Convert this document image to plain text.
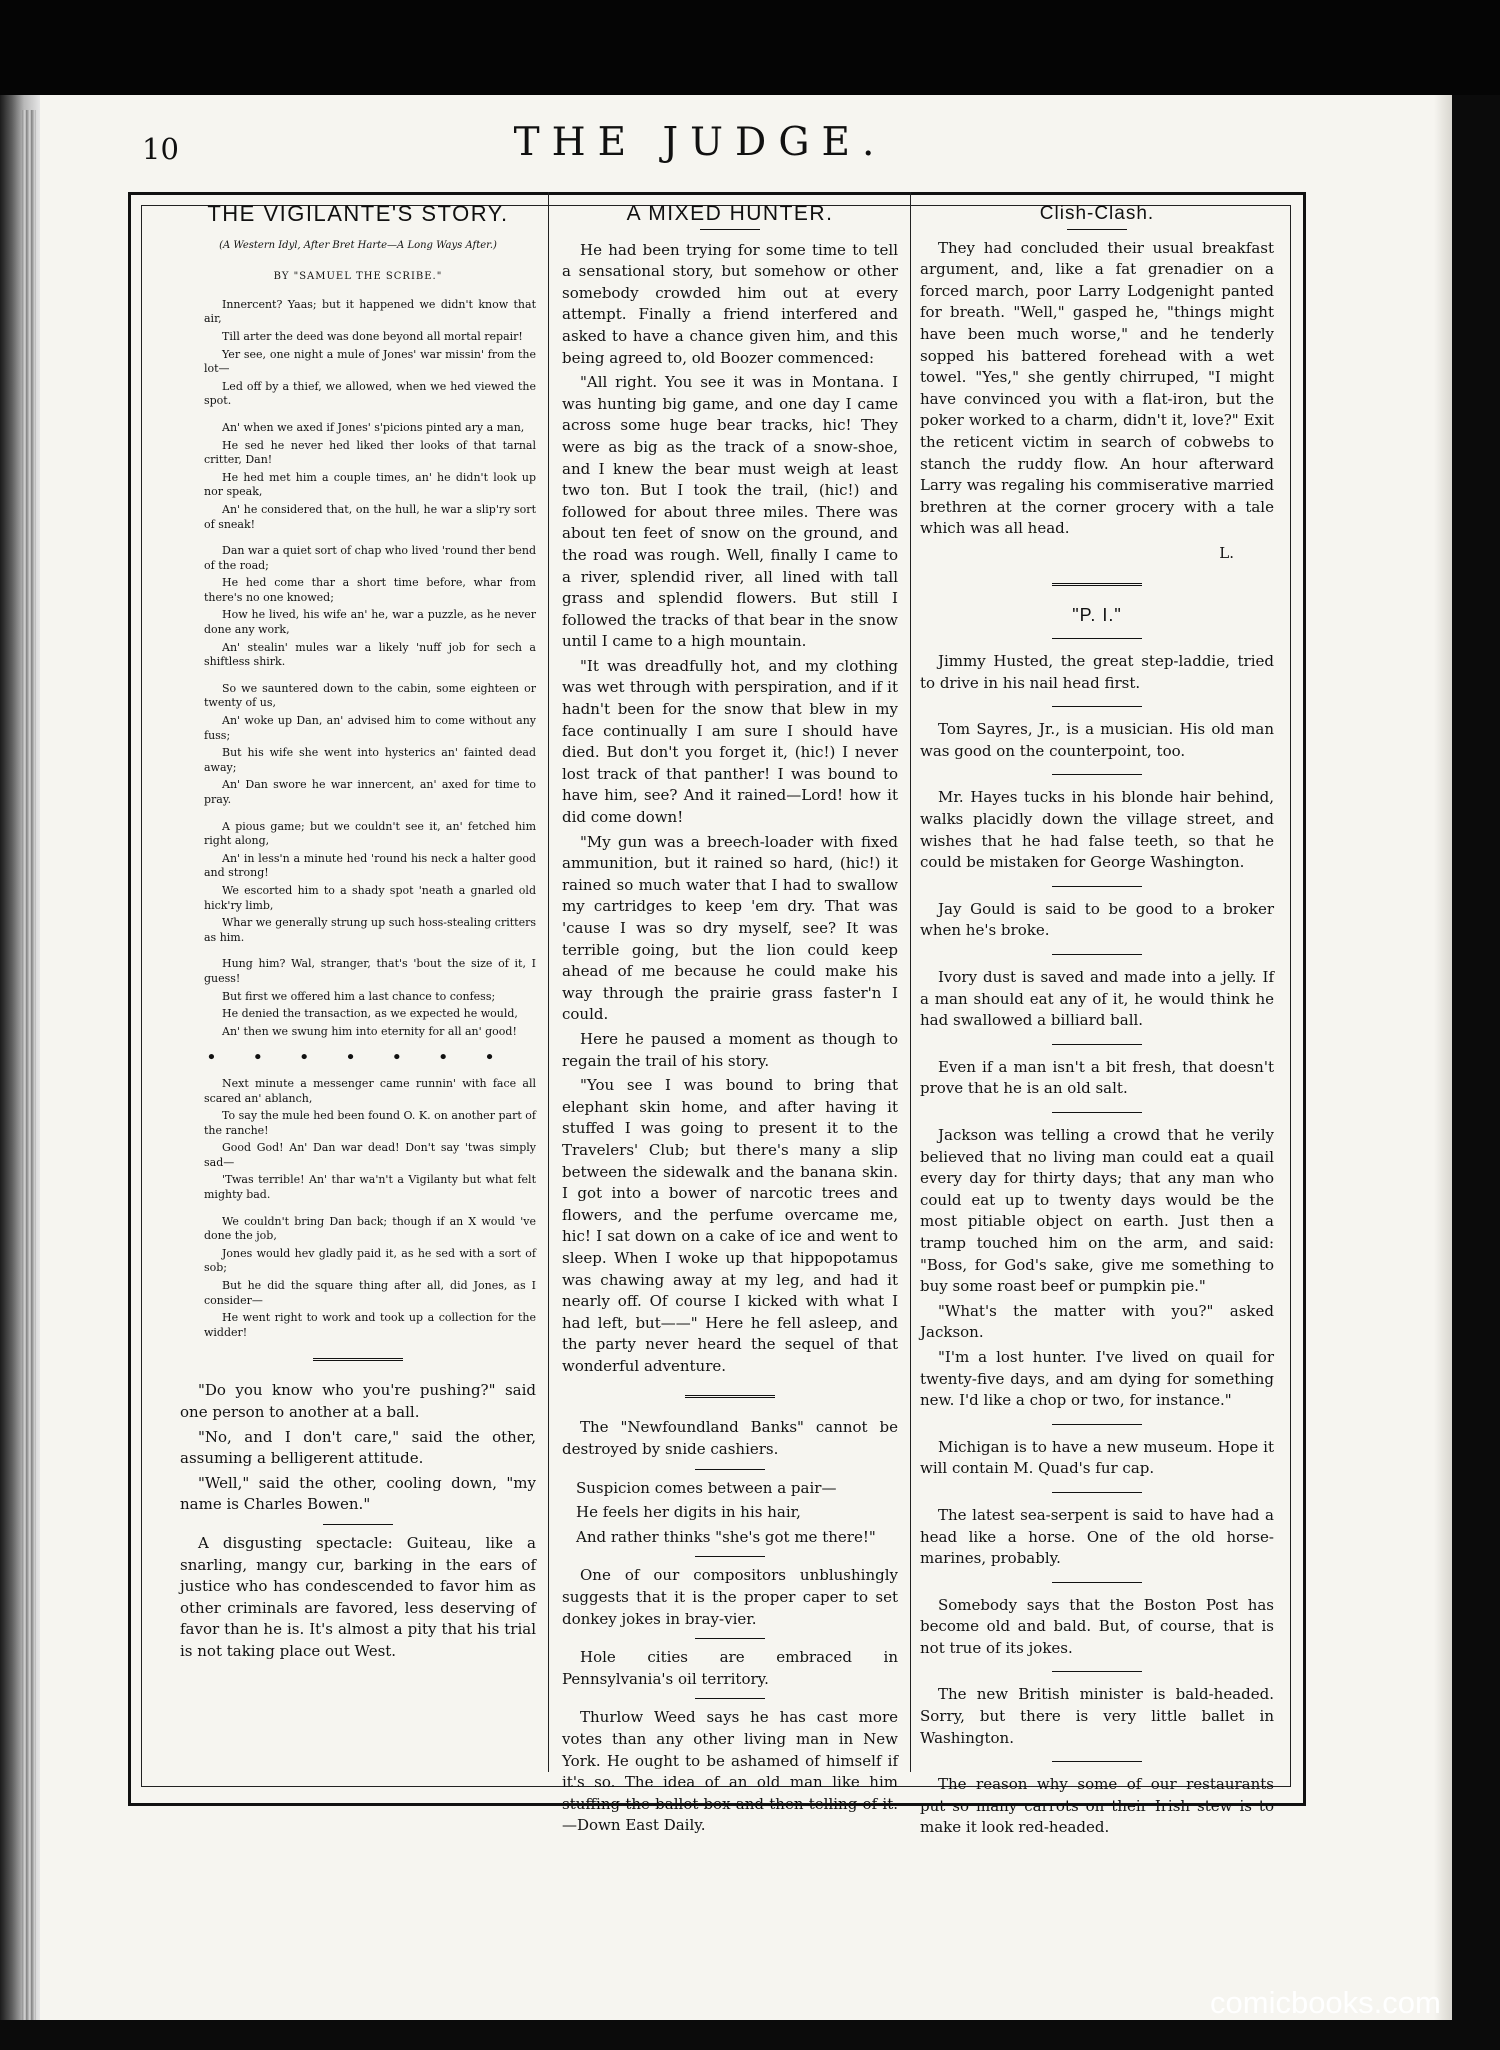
10	THE JUDGE.
THE VIGILANTE'S STORY.
(A Western Idyl, After Bret Harte—A Long Ways After.)
BY "SAMUEL THE SCRIBE."

Innercent? Yaas; but it happened we didn't know that air,

Till arter the deed was done beyond all mortal repair!

Yer see, one night a mule of Jones' war missin' from the lot—

Led off by a thief, we allowed, when we hed viewed the spot.

An' when we axed if Jones' s'picions pinted ary a man,

He sed he never hed liked ther looks of that tarnal critter, Dan!

He hed met him a couple times, an' he didn't look up nor speak,

An' he considered that, on the hull, he war a slip'ry sort of sneak!

Dan war a quiet sort of chap who lived 'round ther bend of the road;

He hed come thar a short time before, whar from there's no one knowed;

How he lived, his wife an' he, war a puzzle, as he never done any work,

An' stealin' mules war a likely 'nuff job for sech a shiftless shirk.

So we sauntered down to the cabin, some eighteen or twenty of us,

An' woke up Dan, an' advised him to come without any fuss;

But his wife she went into hysterics an' fainted dead away;

An' Dan swore he war innercent, an' axed for time to pray.

A pious game; but we couldn't see it, an' fetched him right along,

An' in less'n a minute hed 'round his neck a halter good and strong!

We escorted him to a shady spot 'neath a gnarled old hick'ry limb,

Whar we generally strung up such hoss-stealing critters as him.

Hung him? Wal, stranger, that's 'bout the size of it, I guess!

But first we offered him a last chance to confess;

He denied the transaction, as we expected he would,

An' then we swung him into eternity for all an' good!

• • • • • • •

Next minute a messenger came runnin' with face all scared an' ablanch,

To say the mule hed been found O. K. on another part of the ranche!

Good God! An' Dan war dead! Don't say 'twas simply sad—

'Twas terrible! An' thar wa'n't a Vigilanty but what felt mighty bad.

We couldn't bring Dan back; though if an X would 've done the job,

Jones would hev gladly paid it, as he sed with a sort of sob;

But he did the square thing after all, did Jones, as I consider—

He went right to work and took up a collection for the widder!

"Do you know who you're pushing?" said one person to another at a ball.

"No, and I don't care," said the other, assuming a belligerent attitude.

"Well," said the other, cooling down, "my name is Charles Bowen."

A disgusting spectacle: Guiteau, like a snarling, mangy cur, barking in the ears of justice who has condescended to favor him as other criminals are favored, less deserving of favor than he is. It's almost a pity that his trial is not taking place out West.

A MIXED HUNTER.

He had been trying for some time to tell a sensational story, but somehow or other somebody crowded him out at every attempt. Finally a friend interfered and asked to have a chance given him, and this being agreed to, old Boozer commenced:

"All right. You see it was in Montana. I was hunting big game, and one day I came across some huge bear tracks, hic! They were as big as the track of a snow-shoe, and I knew the bear must weigh at least two ton. But I took the trail, (hic!) and followed for about three miles. There was about ten feet of snow on the ground, and the road was rough. Well, finally I came to a river, splendid river, all lined with tall grass and splendid flowers. But still I followed the tracks of that bear in the snow until I came to a high mountain.

"It was dreadfully hot, and my clothing was wet through with perspiration, and if it hadn't been for the snow that blew in my face continually I am sure I should have died. But don't you forget it, (hic!) I never lost track of that panther! I was bound to have him, see? And it rained—Lord! how it did come down!

"My gun was a breech-loader with fixed ammunition, but it rained so hard, (hic!) it rained so much water that I had to swallow my cartridges to keep 'em dry. That was 'cause I was so dry myself, see? It was terrible going, but the lion could keep ahead of me because he could make his way through the prairie grass faster'n I could.

Here he paused a moment as though to regain the trail of his story.

"You see I was bound to bring that elephant skin home, and after having it stuffed I was going to present it to the Travelers' Club; but there's many a slip between the sidewalk and the banana skin. I got into a bower of narcotic trees and flowers, and the perfume overcame me, hic! I sat down on a cake of ice and went to sleep. When I woke up that hippopotamus was chawing away at my leg, and had it nearly off. Of course I kicked with what I had left, but——" Here he fell asleep, and the party never heard the sequel of that wonderful adventure.

The "Newfoundland Banks" cannot be destroyed by snide cashiers.

Suspicion comes between a pair—

He feels her digits in his hair,

And rather thinks "she's got me there!"

One of our compositors unblushingly suggests that it is the proper caper to set donkey jokes in bray-vier.

Hole cities are embraced in Pennsylvania's oil territory.

Thurlow Weed says he has cast more votes than any other living man in New York. He ought to be ashamed of himself if it's so. The idea of an old man like him stuffing the ballot-box and then telling of it.—Down East Daily.

Clish-Clash.

They had concluded their usual breakfast argument, and, like a fat grenadier on a forced march, poor Larry Lodgenight panted for breath. "Well," gasped he, "things might have been much worse," and he tenderly sopped his battered forehead with a wet towel. "Yes," she gently chirruped, "I might have convinced you with a flat-iron, but the poker worked to a charm, didn't it, love?" Exit the reticent victim in search of cobwebs to stanch the ruddy flow. An hour afterward Larry was regaling his commiserative married brethren at the corner grocery with a tale which was all head.

L.
"P. I."

Jimmy Husted, the great step-laddie, tried to drive in his nail head first.

Tom Sayres, Jr., is a musician. His old man was good on the counterpoint, too.

Mr. Hayes tucks in his blonde hair behind, walks placidly down the village street, and wishes that he had false teeth, so that he could be mistaken for George Washington.

Jay Gould is said to be good to a broker when he's broke.

Ivory dust is saved and made into a jelly. If a man should eat any of it, he would think he had swallowed a billiard ball.

Even if a man isn't a bit fresh, that doesn't prove that he is an old salt.

Jackson was telling a crowd that he verily believed that no living man could eat a quail every day for thirty days; that any man who could eat up to twenty days would be the most pitiable object on earth. Just then a tramp touched him on the arm, and said: "Boss, for God's sake, give me something to buy some roast beef or pumpkin pie."

"What's the matter with you?" asked Jackson.

"I'm a lost hunter. I've lived on quail for twenty-five days, and am dying for something new. I'd like a chop or two, for instance."

Michigan is to have a new museum. Hope it will contain M. Quad's fur cap.

The latest sea-serpent is said to have had a head like a horse. One of the old horse-marines, probably.

Somebody says that the Boston Post has become old and bald. But, of course, that is not true of its jokes.

The new British minister is bald-headed. Sorry, but there is very little ballet in Washington.

The reason why some of our restaurants put so many carrots on their Irish stew is to make it look red-headed.

comicbooks.com
